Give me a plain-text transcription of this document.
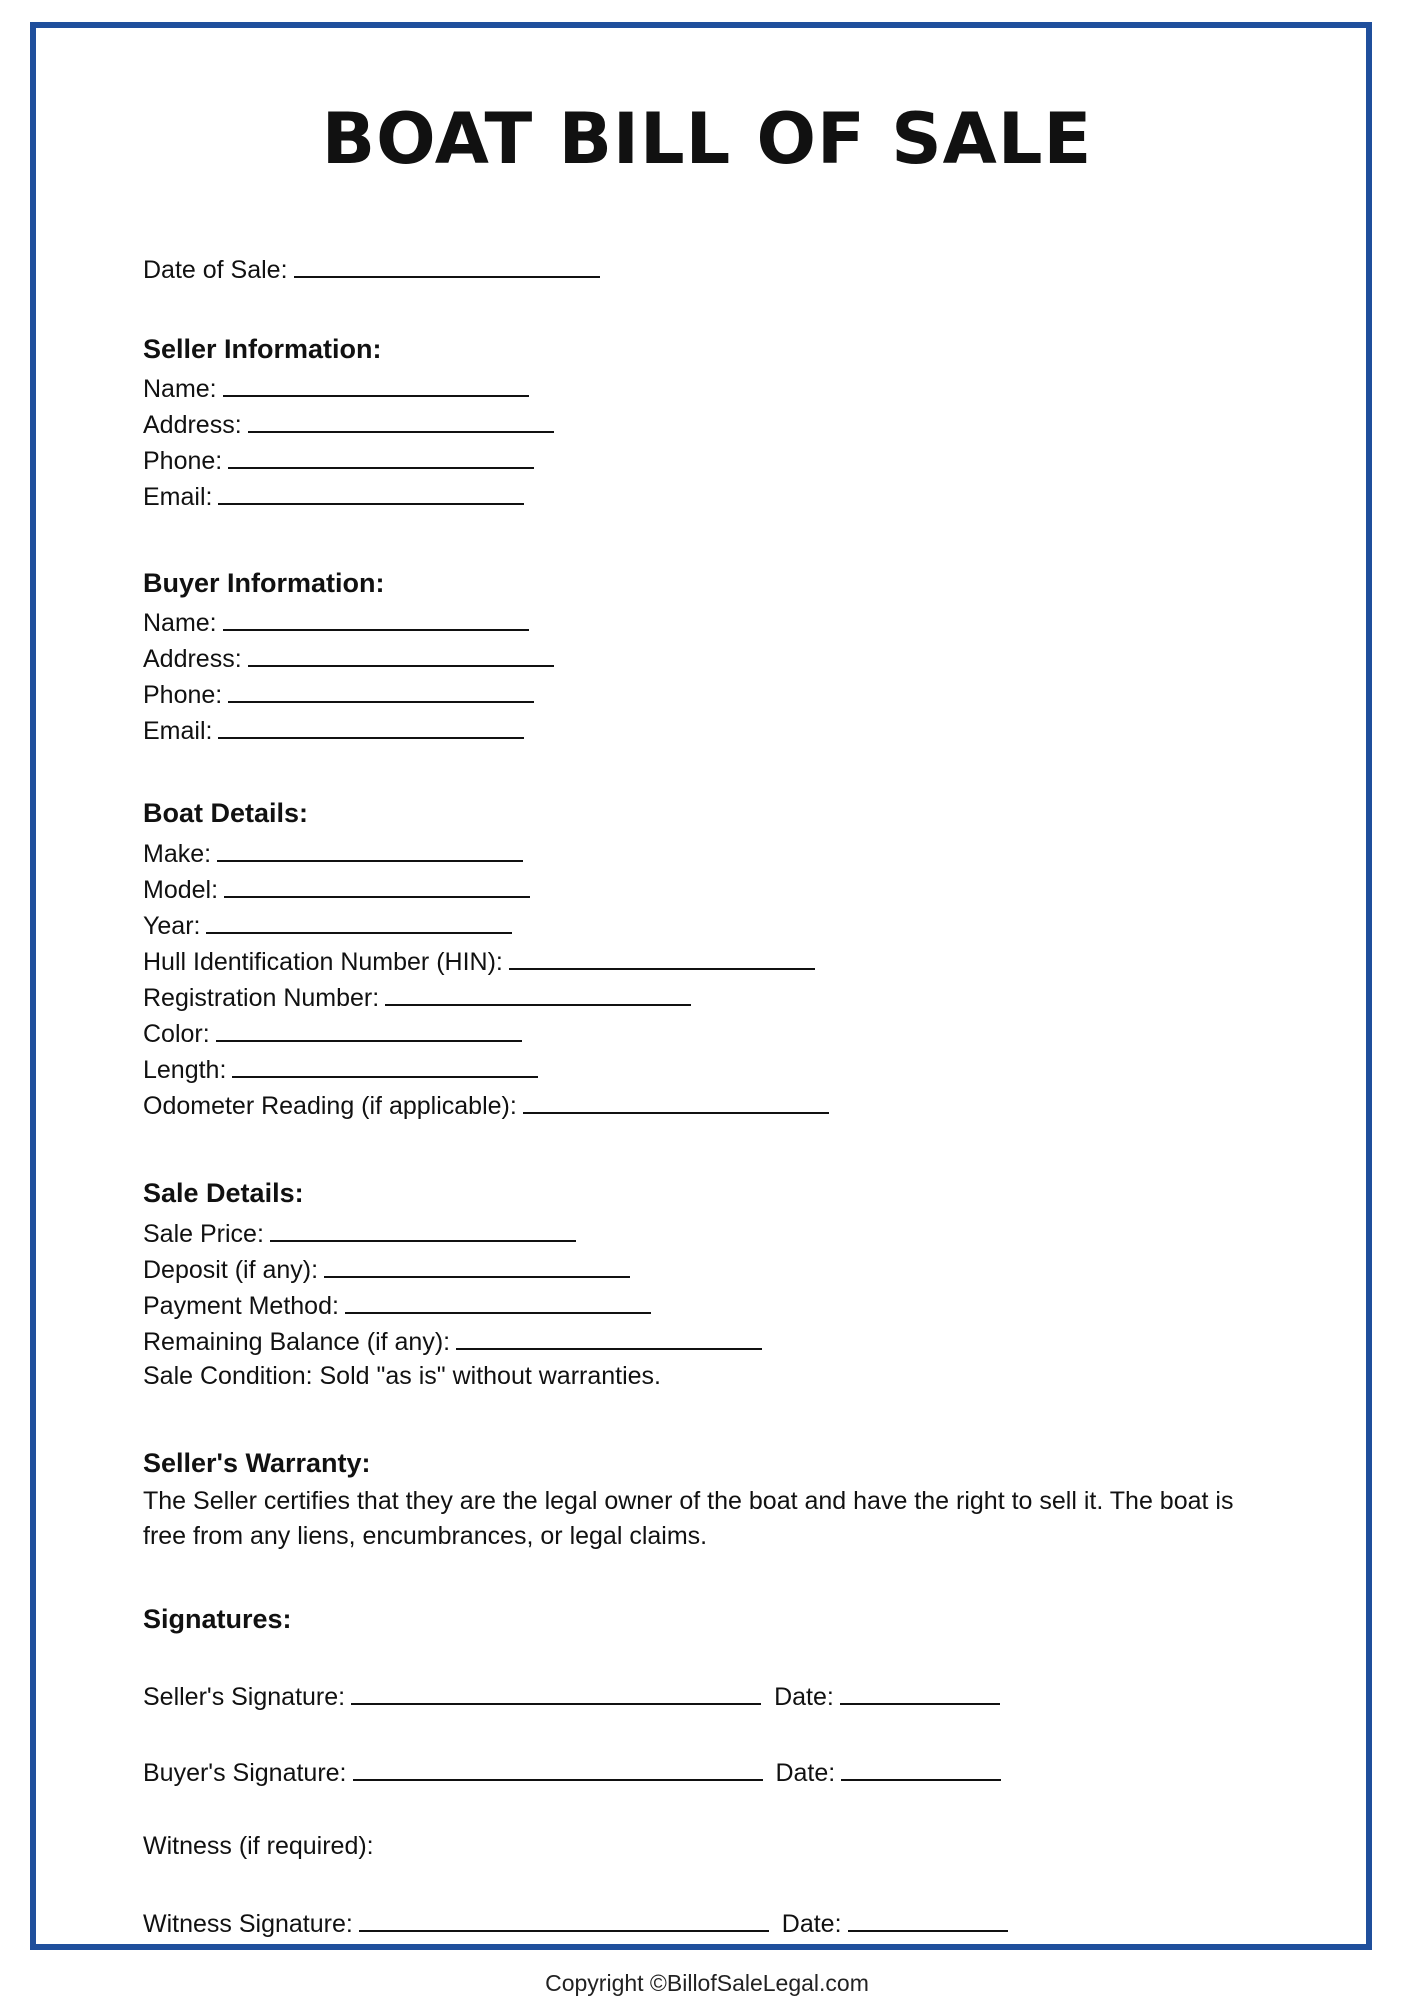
BOAT BILL OF SALE
Date of Sale:
Seller Information:
Name:
Address:
Phone:
Email:
Buyer Information:
Name:
Address:
Phone:
Email:
Boat Details:
Make:
Model:
Year:
Hull Identification Number (HIN):
Registration Number:
Color:
Length:
Odometer Reading (if applicable):
Sale Details:
Sale Price:
Deposit (if any):
Payment Method:
Remaining Balance (if any):
Sale Condition: Sold "as is" without warranties.
Seller's Warranty:
The Seller certifies that they are the legal owner of the boat and have the right to sell it. The boat is free from any liens, encumbrances, or legal claims.
Signatures:
Seller's Signature:	Date:
Buyer's Signature:	Date:
Witness (if required):
Witness Signature:	Date:
Copyright ©BillofSaleLegal.com
